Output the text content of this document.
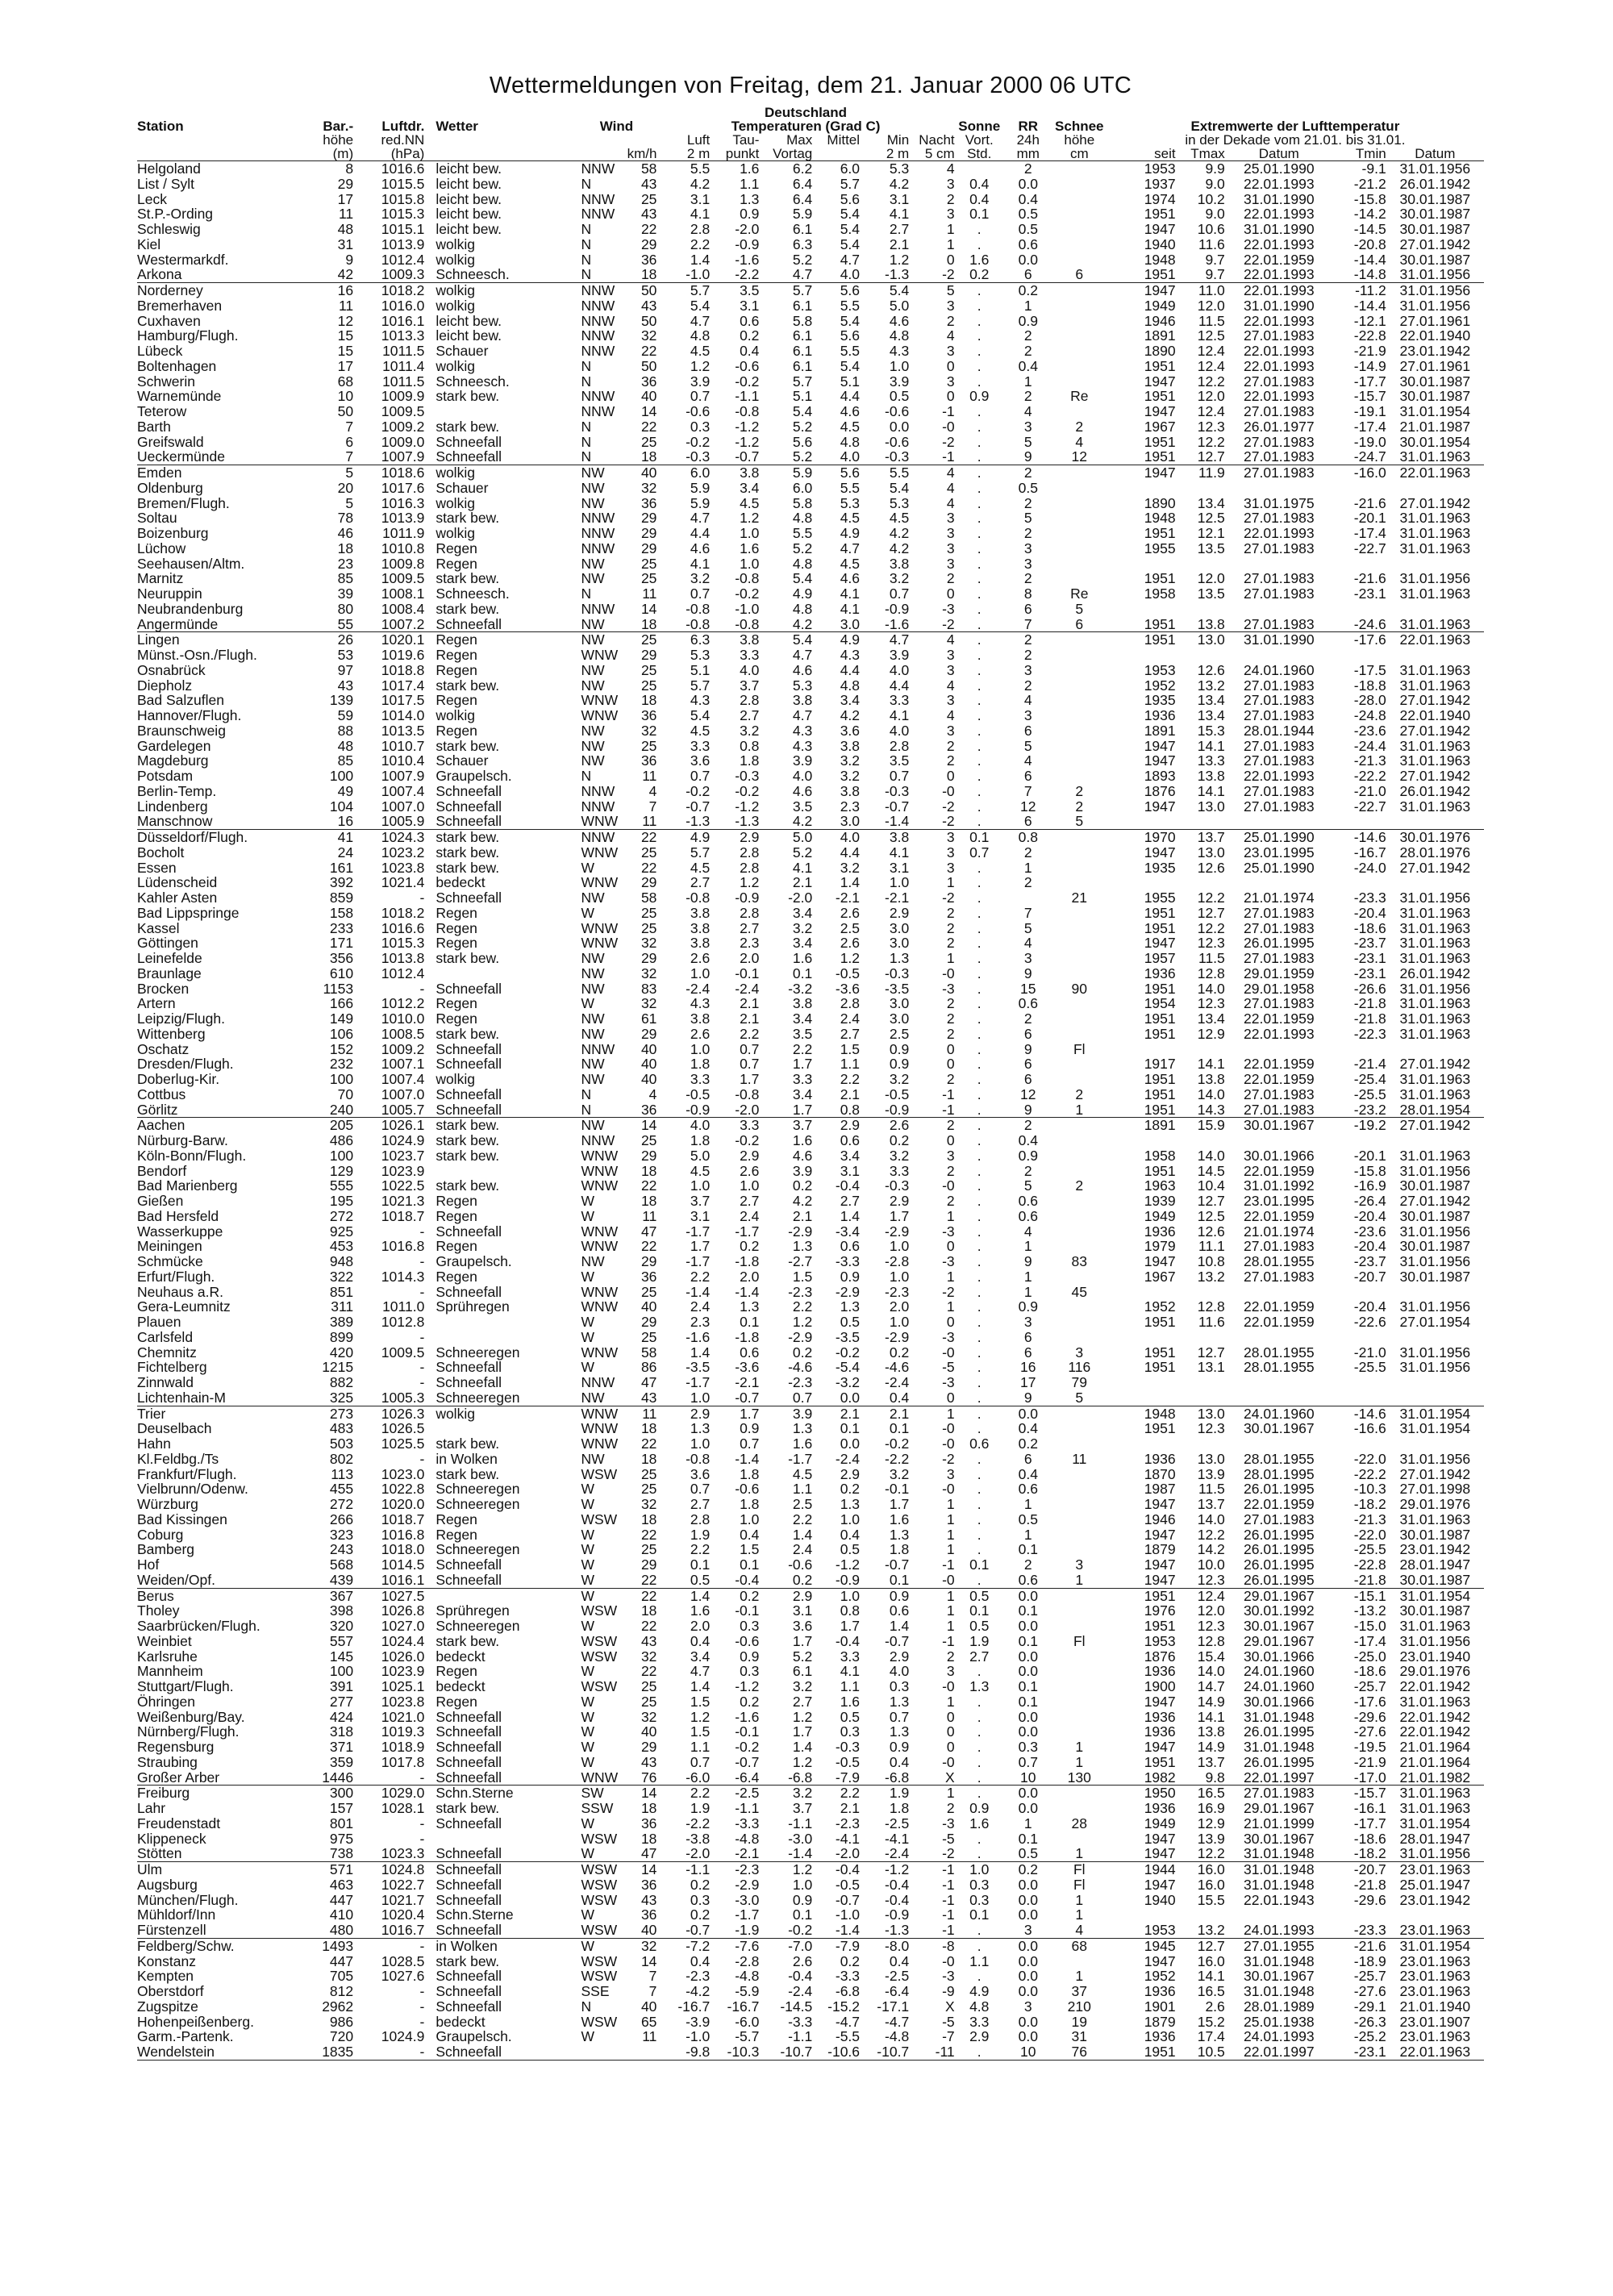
Wettermeldungen von Freitag, dem 21. Januar 2000 06 UTC
						Deutschland													
Station	Bar.-	Luftdr.	Wetter	Wind		Temperaturen (Grad C)						Sonne	RR	Schnee	Extremwerte der Lufttemperatur				
	höhe	red.NN				Luft	Tau-	Max	Mittel	Min	Nacht	Vort.	24h	höhe	in der Dekade vom 21.01. bis 31.01.				
	(m)	(hPa)			km/h	2 m	punkt	Vortag		2 m	5 cm	Std.	mm	cm	seit	Tmax	Datum	Tmin	Datum
Helgoland	8	1016.6	leicht bew.	NNW	58	5.5	1.6	6.2	6.0	5.3	4		2		1953	9.9	25.01.1990	-9.1	31.01.1956
List / Sylt	29	1015.5	leicht bew.	N	43	4.2	1.1	6.4	5.7	4.2	3	0.4	0.0		1937	9.0	22.01.1993	-21.2	26.01.1942
Leck	17	1015.8	leicht bew.	NNW	25	3.1	1.3	6.4	5.6	3.1	2	0.4	0.4		1974	10.2	31.01.1990	-15.8	30.01.1987
St.P.-Ording	11	1015.3	leicht bew.	NNW	43	4.1	0.9	5.9	5.4	4.1	3	0.1	0.5		1951	9.0	22.01.1993	-14.2	30.01.1987
Schleswig	48	1015.1	leicht bew.	N	22	2.8	-2.0	6.1	5.4	2.7	1	.	0.5		1947	10.6	31.01.1990	-14.5	30.01.1987
Kiel	31	1013.9	wolkig	N	29	2.2	-0.9	6.3	5.4	2.1	1	.	0.6		1940	11.6	22.01.1993	-20.8	27.01.1942
Westermarkdf.	9	1012.4	wolkig	N	36	1.4	-1.6	5.2	4.7	1.2	0	1.6	0.0		1948	9.7	22.01.1959	-14.4	30.01.1987
Arkona	42	1009.3	Schneesch.	N	18	-1.0	-2.2	4.7	4.0	-1.3	-2	0.2	6	6	1951	9.7	22.01.1993	-14.8	31.01.1956
Norderney	16	1018.2	wolkig	NNW	50	5.7	3.5	5.7	5.6	5.4	5	.	0.2		1947	11.0	22.01.1993	-11.2	31.01.1956
Bremerhaven	11	1016.0	wolkig	NNW	43	5.4	3.1	6.1	5.5	5.0	3	.	1		1949	12.0	31.01.1990	-14.4	31.01.1956
Cuxhaven	12	1016.1	leicht bew.	NNW	50	4.7	0.6	5.8	5.4	4.6	2	.	0.9		1946	11.5	22.01.1993	-12.1	27.01.1961
Hamburg/Flugh.	15	1013.3	leicht bew.	NNW	32	4.8	0.2	6.1	5.6	4.8	4	.	2		1891	12.5	27.01.1983	-22.8	22.01.1940
Lübeck	15	1011.5	Schauer	NNW	22	4.5	0.4	6.1	5.5	4.3	3	.	2		1890	12.4	22.01.1993	-21.9	23.01.1942
Boltenhagen	17	1011.4	wolkig	N	50	1.2	-0.6	6.1	5.4	1.0	0	.	0.4		1951	12.4	22.01.1993	-14.9	27.01.1961
Schwerin	68	1011.5	Schneesch.	N	36	3.9	-0.2	5.7	5.1	3.9	3	.	1		1947	12.2	27.01.1983	-17.7	30.01.1987
Warnemünde	10	1009.9	stark bew.	NNW	40	0.7	-1.1	5.1	4.4	0.5	0	0.9	2	Re	1951	12.0	22.01.1993	-15.7	30.01.1987
Teterow	50	1009.5		NNW	14	-0.6	-0.8	5.4	4.6	-0.6	-1	.	4		1947	12.4	27.01.1983	-19.1	31.01.1954
Barth	7	1009.2	stark bew.	N	22	0.3	-1.2	5.2	4.5	0.0	-0	.	3	2	1967	12.3	26.01.1977	-17.4	21.01.1987
Greifswald	6	1009.0	Schneefall	N	25	-0.2	-1.2	5.6	4.8	-0.6	-2	.	5	4	1951	12.2	27.01.1983	-19.0	30.01.1954
Ueckermünde	7	1007.9	Schneefall	N	18	-0.3	-0.7	5.2	4.0	-0.3	-1	.	9	12	1951	12.7	27.01.1983	-24.7	31.01.1963
Emden	5	1018.6	wolkig	NW	40	6.0	3.8	5.9	5.6	5.5	4	.	2		1947	11.9	27.01.1983	-16.0	22.01.1963
Oldenburg	20	1017.6	Schauer	NW	32	5.9	3.4	6.0	5.5	5.4	4	.	0.5						
Bremen/Flugh.	5	1016.3	wolkig	NW	36	5.9	4.5	5.8	5.3	5.3	4	.	2		1890	13.4	31.01.1975	-21.6	27.01.1942
Soltau	78	1013.9	stark bew.	NNW	29	4.7	1.2	4.8	4.5	4.5	3	.	5		1948	12.5	27.01.1983	-20.1	31.01.1963
Boizenburg	46	1011.9	wolkig	NNW	29	4.4	1.0	5.5	4.9	4.2	3	.	2		1951	12.1	22.01.1993	-17.4	31.01.1963
Lüchow	18	1010.8	Regen	NNW	29	4.6	1.6	5.2	4.7	4.2	3	.	3		1955	13.5	27.01.1983	-22.7	31.01.1963
Seehausen/Altm.	23	1009.8	Regen	NW	25	4.1	1.0	4.8	4.5	3.8	3	.	3						
Marnitz	85	1009.5	stark bew.	NW	25	3.2	-0.8	5.4	4.6	3.2	2	.	2		1951	12.0	27.01.1983	-21.6	31.01.1956
Neuruppin	39	1008.1	Schneesch.	N	11	0.7	-0.2	4.9	4.1	0.7	0	.	8	Re	1958	13.5	27.01.1983	-23.1	31.01.1963
Neubrandenburg	80	1008.4	stark bew.	NNW	14	-0.8	-1.0	4.8	4.1	-0.9	-3	.	6	5					
Angermünde	55	1007.2	Schneefall	NW	18	-0.8	-0.8	4.2	3.0	-1.6	-2	.	7	6	1951	13.8	27.01.1983	-24.6	31.01.1963
Lingen	26	1020.1	Regen	NW	25	6.3	3.8	5.4	4.9	4.7	4	.	2		1951	13.0	31.01.1990	-17.6	22.01.1963
Münst.-Osn./Flugh.	53	1019.6	Regen	WNW	29	5.3	3.3	4.7	4.3	3.9	3	.	2						
Osnabrück	97	1018.8	Regen	NW	25	5.1	4.0	4.6	4.4	4.0	3	.	3		1953	12.6	24.01.1960	-17.5	31.01.1963
Diepholz	43	1017.4	stark bew.	NW	25	5.7	3.7	5.3	4.8	4.4	4	.	2		1952	13.2	27.01.1983	-18.8	31.01.1963
Bad Salzuflen	139	1017.5	Regen	WNW	18	4.3	2.8	3.8	3.4	3.3	3	.	4		1935	13.4	27.01.1983	-28.0	27.01.1942
Hannover/Flugh.	59	1014.0	wolkig	WNW	36	5.4	2.7	4.7	4.2	4.1	4	.	3		1936	13.4	27.01.1983	-24.8	22.01.1940
Braunschweig	88	1013.5	Regen	NW	32	4.5	3.2	4.3	3.6	4.0	3	.	6		1891	15.3	28.01.1944	-23.6	27.01.1942
Gardelegen	48	1010.7	stark bew.	NW	25	3.3	0.8	4.3	3.8	2.8	2	.	5		1947	14.1	27.01.1983	-24.4	31.01.1963
Magdeburg	85	1010.4	Schauer	NW	36	3.6	1.8	3.9	3.2	3.5	2	.	4		1947	13.3	27.01.1983	-21.3	31.01.1963
Potsdam	100	1007.9	Graupelsch.	N	11	0.7	-0.3	4.0	3.2	0.7	0	.	6		1893	13.8	22.01.1993	-22.2	27.01.1942
Berlin-Temp.	49	1007.4	Schneefall	NNW	4	-0.2	-0.2	4.6	3.8	-0.3	-0	.	7	2	1876	14.1	27.01.1983	-21.0	26.01.1942
Lindenberg	104	1007.0	Schneefall	NNW	7	-0.7	-1.2	3.5	2.3	-0.7	-2	.	12	2	1947	13.0	27.01.1983	-22.7	31.01.1963
Manschnow	16	1005.9	Schneefall	WNW	11	-1.3	-1.3	4.2	3.0	-1.4	-2	.	6	5					
Düsseldorf/Flugh.	41	1024.3	stark bew.	NNW	22	4.9	2.9	5.0	4.0	3.8	3	0.1	0.8		1970	13.7	25.01.1990	-14.6	30.01.1976
Bocholt	24	1023.2	stark bew.	WNW	25	5.7	2.8	5.2	4.4	4.1	3	0.7	2		1947	13.0	23.01.1995	-16.7	28.01.1976
Essen	161	1023.8	stark bew.	W	22	4.5	2.8	4.1	3.2	3.1	3	.	1		1935	12.6	25.01.1990	-24.0	27.01.1942
Lüdenscheid	392	1021.4	bedeckt	WNW	29	2.7	1.2	2.1	1.4	1.0	1	.	2						
Kahler Asten	859	-	Schneefall	NW	58	-0.8	-0.9	-2.0	-2.1	-2.1	-2	.		21	1955	12.2	21.01.1974	-23.3	31.01.1956
Bad Lippspringe	158	1018.2	Regen	W	25	3.8	2.8	3.4	2.6	2.9	2	.	7		1951	12.7	27.01.1983	-20.4	31.01.1963
Kassel	233	1016.6	Regen	WNW	25	3.8	2.7	3.2	2.5	3.0	2	.	5		1951	12.2	27.01.1983	-18.6	31.01.1963
Göttingen	171	1015.3	Regen	WNW	32	3.8	2.3	3.4	2.6	3.0	2	.	4		1947	12.3	26.01.1995	-23.7	31.01.1963
Leinefelde	356	1013.8	stark bew.	NW	29	2.6	2.0	1.6	1.2	1.3	1	.	3		1957	11.5	27.01.1983	-23.1	31.01.1963
Braunlage	610	1012.4		NW	32	1.0	-0.1	0.1	-0.5	-0.3	-0	.	9		1936	12.8	29.01.1959	-23.1	26.01.1942
Brocken	1153	-	Schneefall	NW	83	-2.4	-2.4	-3.2	-3.6	-3.5	-3	.	15	90	1951	14.0	29.01.1958	-26.6	31.01.1956
Artern	166	1012.2	Regen	W	32	4.3	2.1	3.8	2.8	3.0	2	.	0.6		1954	12.3	27.01.1983	-21.8	31.01.1963
Leipzig/Flugh.	149	1010.0	Regen	NW	61	3.8	2.1	3.4	2.4	3.0	2	.	2		1951	13.4	22.01.1959	-21.8	31.01.1963
Wittenberg	106	1008.5	stark bew.	NW	29	2.6	2.2	3.5	2.7	2.5	2	.	6		1951	12.9	22.01.1993	-22.3	31.01.1963
Oschatz	152	1009.2	Schneefall	NNW	40	1.0	0.7	2.2	1.5	0.9	0	.	9	Fl					
Dresden/Flugh.	232	1007.1	Schneefall	NW	40	1.8	0.7	1.7	1.1	0.9	0	.	6		1917	14.1	22.01.1959	-21.4	27.01.1942
Doberlug-Kir.	100	1007.4	wolkig	NW	40	3.3	1.7	3.3	2.2	3.2	2	.	6		1951	13.8	22.01.1959	-25.4	31.01.1963
Cottbus	70	1007.0	Schneefall	N	4	-0.5	-0.8	3.4	2.1	-0.5	-1	.	12	2	1951	14.0	27.01.1983	-25.5	31.01.1963
Görlitz	240	1005.7	Schneefall	N	36	-0.9	-2.0	1.7	0.8	-0.9	-1	.	9	1	1951	14.3	27.01.1983	-23.2	28.01.1954
Aachen	205	1026.1	stark bew.	NW	14	4.0	3.3	3.7	2.9	2.6	2	.	2		1891	15.9	30.01.1967	-19.2	27.01.1942
Nürburg-Barw.	486	1024.9	stark bew.	NNW	25	1.8	-0.2	1.6	0.6	0.2	0	.	0.4						
Köln-Bonn/Flugh.	100	1023.7	stark bew.	WNW	29	5.0	2.9	4.6	3.4	3.2	3	.	0.9		1958	14.0	30.01.1966	-20.1	31.01.1963
Bendorf	129	1023.9		WNW	18	4.5	2.6	3.9	3.1	3.3	2	.	2		1951	14.5	22.01.1959	-15.8	31.01.1956
Bad Marienberg	555	1022.5	stark bew.	WNW	22	1.0	1.0	0.2	-0.4	-0.3	-0	.	5	2	1963	10.4	31.01.1992	-16.9	30.01.1987
Gießen	195	1021.3	Regen	W	18	3.7	2.7	4.2	2.7	2.9	2	.	0.6		1939	12.7	23.01.1995	-26.4	27.01.1942
Bad Hersfeld	272	1018.7	Regen	W	11	3.1	2.4	2.1	1.4	1.7	1	.	0.6		1949	12.5	22.01.1959	-20.4	30.01.1987
Wasserkuppe	925	-	Schneefall	WNW	47	-1.7	-1.7	-2.9	-3.4	-2.9	-3	.	4		1936	12.6	21.01.1974	-23.6	31.01.1956
Meiningen	453	1016.8	Regen	WNW	22	1.7	0.2	1.3	0.6	1.0	0	.	1		1979	11.1	27.01.1983	-20.4	30.01.1987
Schmücke	948	-	Graupelsch.	NW	29	-1.7	-1.8	-2.7	-3.3	-2.8	-3	.	9	83	1947	10.8	28.01.1955	-23.7	31.01.1956
Erfurt/Flugh.	322	1014.3	Regen	W	36	2.2	2.0	1.5	0.9	1.0	1	.	1		1967	13.2	27.01.1983	-20.7	30.01.1987
Neuhaus a.R.	851	-	Schneefall	WNW	25	-1.4	-1.4	-2.3	-2.9	-2.3	-2	.	1	45					
Gera-Leumnitz	311	1011.0	Sprühregen	WNW	40	2.4	1.3	2.2	1.3	2.0	1	.	0.9		1952	12.8	22.01.1959	-20.4	31.01.1956
Plauen	389	1012.8		W	29	2.3	0.1	1.2	0.5	1.0	0	.	3		1951	11.6	22.01.1959	-22.6	27.01.1954
Carlsfeld	899	-		W	25	-1.6	-1.8	-2.9	-3.5	-2.9	-3	.	6						
Chemnitz	420	1009.5	Schneeregen	WNW	58	1.4	0.6	0.2	-0.2	0.2	-0	.	6	3	1951	12.7	28.01.1955	-21.0	31.01.1956
Fichtelberg	1215	-	Schneefall	W	86	-3.5	-3.6	-4.6	-5.4	-4.6	-5	.	16	116	1951	13.1	28.01.1955	-25.5	31.01.1956
Zinnwald	882	-	Schneefall	NNW	47	-1.7	-2.1	-2.3	-3.2	-2.4	-3	.	17	79					
Lichtenhain-M	325	1005.3	Schneeregen	NW	43	1.0	-0.7	0.7	0.0	0.4	0	.	9	5					
Trier	273	1026.3	wolkig	WNW	11	2.9	1.7	3.9	2.1	2.1	1	.	0.0		1948	13.0	24.01.1960	-14.6	31.01.1954
Deuselbach	483	1026.5		WNW	18	1.3	0.9	1.3	0.1	0.1	-0	.	0.4		1951	12.3	30.01.1967	-16.6	31.01.1954
Hahn	503	1025.5	stark bew.	WNW	22	1.0	0.7	1.6	0.0	-0.2	-0	0.6	0.2						
Kl.Feldbg./Ts	802	-	in Wolken	NW	18	-0.8	-1.4	-1.7	-2.4	-2.2	-2	.	6	11	1936	13.0	28.01.1955	-22.0	31.01.1956
Frankfurt/Flugh.	113	1023.0	stark bew.	WSW	25	3.6	1.8	4.5	2.9	3.2	3	.	0.4		1870	13.9	28.01.1995	-22.2	27.01.1942
Vielbrunn/Odenw.	455	1022.8	Schneeregen	W	25	0.7	-0.6	1.1	0.2	-0.1	-0	.	0.6		1987	11.5	26.01.1995	-10.3	27.01.1998
Würzburg	272	1020.0	Schneeregen	W	32	2.7	1.8	2.5	1.3	1.7	1	.	1		1947	13.7	22.01.1959	-18.2	29.01.1976
Bad Kissingen	266	1018.7	Regen	WSW	18	2.8	1.0	2.2	1.0	1.6	1	.	0.5		1946	14.0	27.01.1983	-21.3	31.01.1963
Coburg	323	1016.8	Regen	W	22	1.9	0.4	1.4	0.4	1.3	1	.	1		1947	12.2	26.01.1995	-22.0	30.01.1987
Bamberg	243	1018.0	Schneeregen	W	25	2.2	1.5	2.4	0.5	1.8	1	.	0.1		1879	14.2	26.01.1995	-25.5	23.01.1942
Hof	568	1014.5	Schneefall	W	29	0.1	0.1	-0.6	-1.2	-0.7	-1	0.1	2	3	1947	10.0	26.01.1995	-22.8	28.01.1947
Weiden/Opf.	439	1016.1	Schneefall	W	22	0.5	-0.4	0.2	-0.9	0.1	-0	.	0.6	1	1947	12.3	26.01.1995	-21.8	30.01.1987
Berus	367	1027.5		W	22	1.4	0.2	2.9	1.0	0.9	1	0.5	0.0		1951	12.4	29.01.1967	-15.1	31.01.1954
Tholey	398	1026.8	Sprühregen	WSW	18	1.6	-0.1	3.1	0.8	0.6	1	0.1	0.1		1976	12.0	30.01.1992	-13.2	30.01.1987
Saarbrücken/Flugh.	320	1027.0	Schneeregen	W	22	2.0	0.3	3.6	1.7	1.4	1	0.5	0.0		1951	12.3	30.01.1967	-15.0	31.01.1963
Weinbiet	557	1024.4	stark bew.	WSW	43	0.4	-0.6	1.7	-0.4	-0.7	-1	1.9	0.1	Fl	1953	12.8	29.01.1967	-17.4	31.01.1956
Karlsruhe	145	1026.0	bedeckt	WSW	32	3.4	0.9	5.2	3.3	2.9	2	2.7	0.0		1876	15.4	30.01.1966	-25.0	23.01.1940
Mannheim	100	1023.9	Regen	W	22	4.7	0.3	6.1	4.1	4.0	3	.	0.0		1936	14.0	24.01.1960	-18.6	29.01.1976
Stuttgart/Flugh.	391	1025.1	bedeckt	WSW	25	1.4	-1.2	3.2	1.1	0.3	-0	1.3	0.1		1900	14.7	24.01.1960	-25.7	22.01.1942
Öhringen	277	1023.8	Regen	W	25	1.5	0.2	2.7	1.6	1.3	1	.	0.1		1947	14.9	30.01.1966	-17.6	31.01.1963
Weißenburg/Bay.	424	1021.0	Schneefall	W	32	1.2	-1.6	1.2	0.5	0.7	0	.	0.0		1936	14.1	31.01.1948	-29.6	22.01.1942
Nürnberg/Flugh.	318	1019.3	Schneefall	W	40	1.5	-0.1	1.7	0.3	1.3	0	.	0.0		1936	13.8	26.01.1995	-27.6	22.01.1942
Regensburg	371	1018.9	Schneefall	W	29	1.1	-0.2	1.4	-0.3	0.9	0	.	0.3	1	1947	14.9	31.01.1948	-19.5	21.01.1964
Straubing	359	1017.8	Schneefall	W	43	0.7	-0.7	1.2	-0.5	0.4	-0	.	0.7	1	1951	13.7	26.01.1995	-21.9	21.01.1964
Großer Arber	1446	-	Schneefall	WNW	76	-6.0	-6.4	-6.8	-7.9	-6.8	X	.	10	130	1982	9.8	22.01.1997	-17.0	21.01.1982
Freiburg	300	1029.0	Schn.Sterne	SW	14	2.2	-2.5	3.2	2.2	1.9	1	.	0.0		1950	16.5	27.01.1983	-15.7	31.01.1963
Lahr	157	1028.1	stark bew.	SSW	18	1.9	-1.1	3.7	2.1	1.8	2	0.9	0.0		1936	16.9	29.01.1967	-16.1	31.01.1963
Freudenstadt	801	-	Schneefall	W	36	-2.2	-3.3	-1.1	-2.3	-2.5	-3	1.6	1	28	1949	12.9	21.01.1999	-17.7	31.01.1954
Klippeneck	975	-		WSW	18	-3.8	-4.8	-3.0	-4.1	-4.1	-5	.	0.1		1947	13.9	30.01.1967	-18.6	28.01.1947
Stötten	738	1023.3	Schneefall	W	47	-2.0	-2.1	-1.4	-2.0	-2.4	-2	.	0.5	1	1947	12.2	31.01.1948	-18.2	31.01.1956
Ulm	571	1024.8	Schneefall	WSW	14	-1.1	-2.3	1.2	-0.4	-1.2	-1	1.0	0.2	Fl	1944	16.0	31.01.1948	-20.7	23.01.1963
Augsburg	463	1022.7	Schneefall	WSW	36	0.2	-2.9	1.0	-0.5	-0.4	-1	0.3	0.0	Fl	1947	16.0	31.01.1948	-21.8	25.01.1947
München/Flugh.	447	1021.7	Schneefall	WSW	43	0.3	-3.0	0.9	-0.7	-0.4	-1	0.3	0.0	1	1940	15.5	22.01.1943	-29.6	23.01.1942
Mühldorf/Inn	410	1020.4	Schn.Sterne	W	36	0.2	-1.7	0.1	-1.0	-0.9	-1	0.1	0.0	1					
Fürstenzell	480	1016.7	Schneefall	WSW	40	-0.7	-1.9	-0.2	-1.4	-1.3	-1	.	3	4	1953	13.2	24.01.1993	-23.3	23.01.1963
Feldberg/Schw.	1493	-	in Wolken	W	32	-7.2	-7.6	-7.0	-7.9	-8.0	-8	.	0.0	68	1945	12.7	27.01.1955	-21.6	31.01.1954
Konstanz	447	1028.5	stark bew.	WSW	14	0.4	-2.8	2.6	0.2	0.4	-0	1.1	0.0		1947	16.0	31.01.1948	-18.9	23.01.1963
Kempten	705	1027.6	Schneefall	WSW	7	-2.3	-4.8	-0.4	-3.3	-2.5	-3	.	0.0	1	1952	14.1	30.01.1967	-25.7	23.01.1963
Oberstdorf	812	-	Schneefall	SSE	7	-4.2	-5.9	-2.4	-6.8	-6.4	-9	4.9	0.0	37	1936	16.5	31.01.1948	-27.6	23.01.1963
Zugspitze	2962	-	Schneefall	N	40	-16.7	-16.7	-14.5	-15.2	-17.1	X	4.8	3	210	1901	2.6	28.01.1989	-29.1	21.01.1940
Hohenpeißenberg.	986	-	bedeckt	WSW	65	-3.9	-6.0	-3.3	-4.7	-4.7	-5	3.3	0.0	19	1879	15.2	25.01.1938	-26.3	23.01.1907
Garm.-Partenk.	720	1024.9	Graupelsch.	W	11	-1.0	-5.7	-1.1	-5.5	-4.8	-7	2.9	0.0	31	1936	17.4	24.01.1993	-25.2	23.01.1963
Wendelstein	1835	-	Schneefall			-9.8	-10.3	-10.7	-10.6	-10.7	-11	.	10	76	1951	10.5	22.01.1997	-23.1	22.01.1963
